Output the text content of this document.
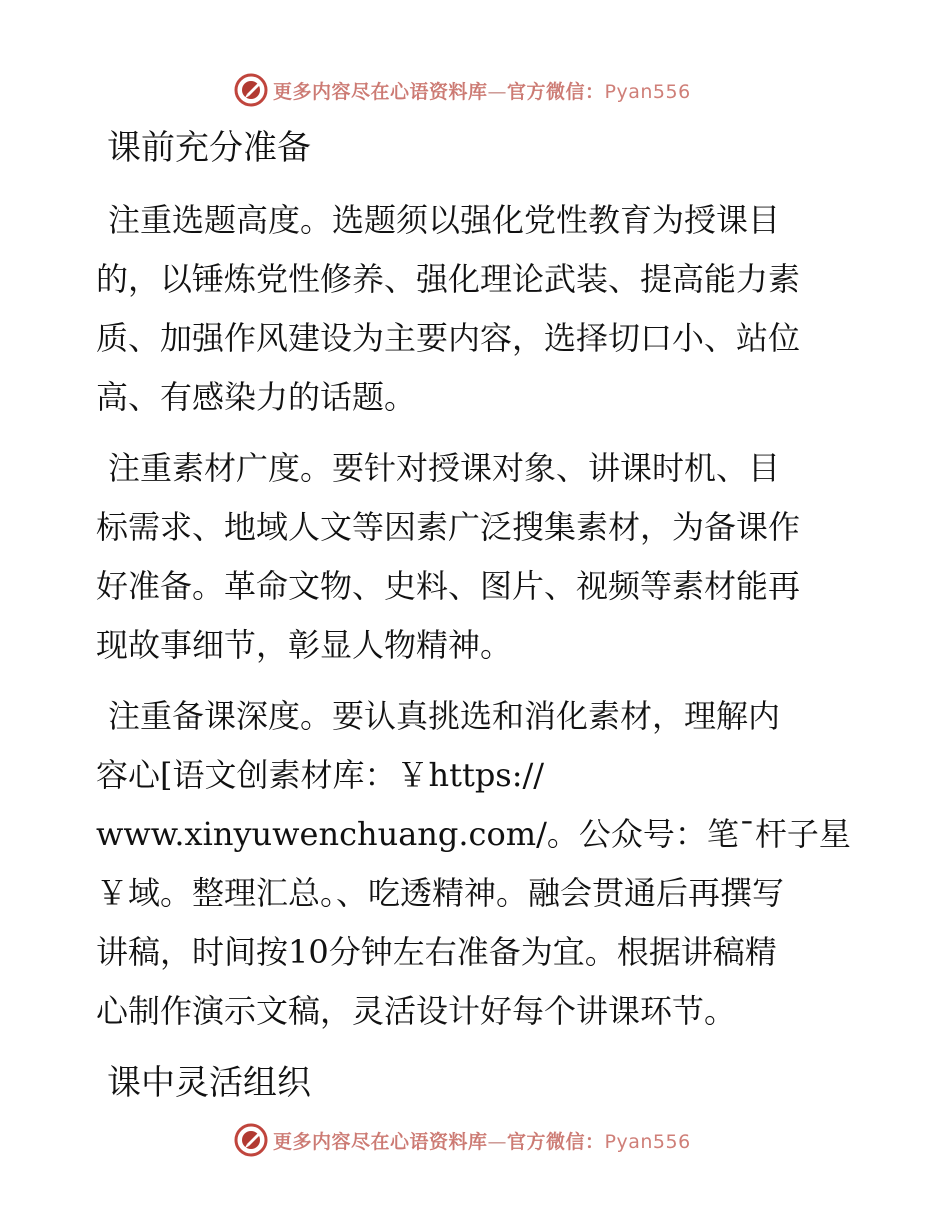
更多内容尽在心语资料库—官方微信：Pyan556
课前充分准备
注重选题高度。选题须以强化党性教育为授课目
的，以锤炼党性修养、强化理论武装、提高能力素
质、加强作风建设为主要内容，选择切口小、站位
高、有感染力的话题。
注重素材广度。要针对授课对象、讲课时机、目
标需求、地域人文等因素广泛搜集素材，为备课作
好准备。革命文物、史料、图片、视频等素材能再
现故事细节，彰显人物精神。
注重备课深度。要认真挑选和消化素材，理解内
容心[语文创素材库：￥https://
www.xinyuwenchuang.com/。公众号：笔¯杆子星
￥域。整理汇总。、吃透精神。融会贯通后再撰写
讲稿，时间按10分钟左右准备为宜。根据讲稿精
心制作演示文稿，灵活设计好每个讲课环节。
课中灵活组织
更多内容尽在心语资料库—官方微信：Pyan556
